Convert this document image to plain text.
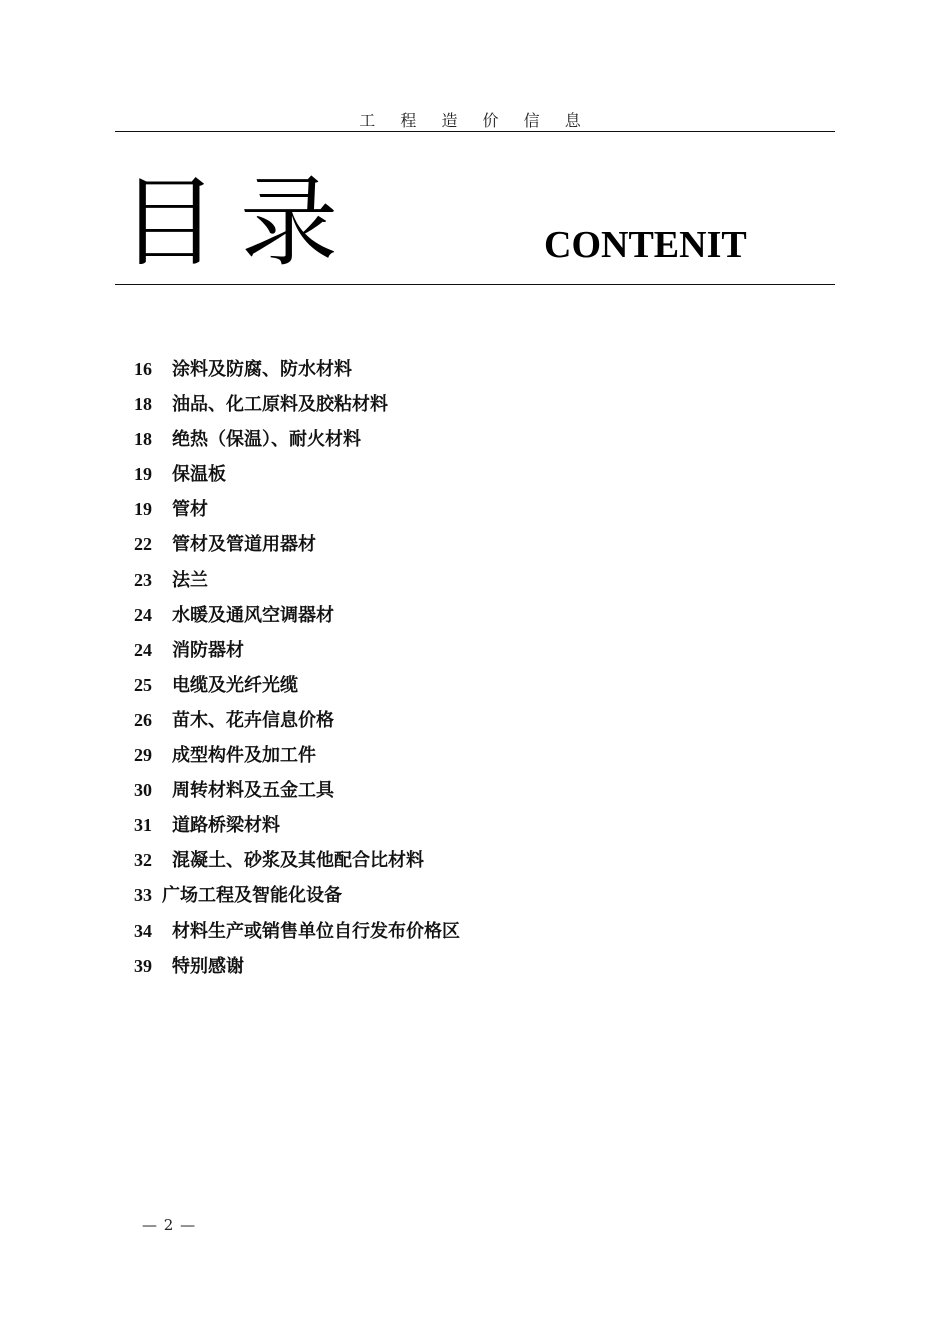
工 程 造 价 信 息
目 录	CONTENIT
16 涂料及防腐、防水材料
18 油品、化工原料及胶粘材料
18 绝热（保温）、耐火材料
19 保温板
19 管材
22 管材及管道用器材
23 法兰
24 水暖及通风空调器材
24 消防器材
25 电缆及光纤光缆
26 苗木、花卉信息价格
29 成型构件及加工件
30 周转材料及五金工具
31 道路桥梁材料
32 混凝土、砂浆及其他配合比材料
33 广场工程及智能化设备
34 材料生产或销售单位自行发布价格区
39 特别感谢
— 2 —
